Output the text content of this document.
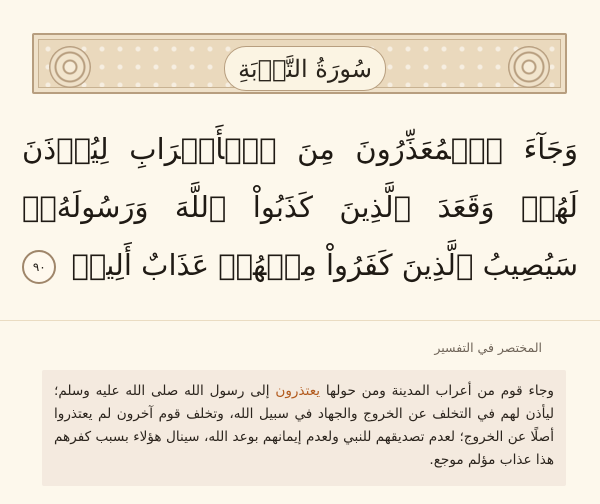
سُورَةُ التَّوۡبَةِ
وَجَآءَ ٱلۡمُعَذِّرُونَ مِنَ ٱلۡأَعۡرَابِ لِيُؤۡذَنَ لَهُمۡ وَقَعَدَ ٱلَّذِينَ كَذَبُواْ ٱللَّهَ وَرَسُولَهُۥۚ سَيُصِيبُ ٱلَّذِينَ كَفَرُواْ مِنۡهُمۡ عَذَابٌ أَلِيمٞ ٩٠
المختصر في التفسير
وجاء قوم من أعراب المدينة ومن حولها يعتذرون إلى رسول الله صلى الله عليه وسلم؛ ليأذن لهم في التخلف عن الخروج والجهاد في سبيل الله، وتخلف قوم آخرون لم يعتذروا أصلًا عن الخروج؛ لعدم تصديقهم للنبي ولعدم إيمانهم بوعد الله، سينال هؤلاء بسبب كفرهم هذا عذاب مؤلم موجع.
